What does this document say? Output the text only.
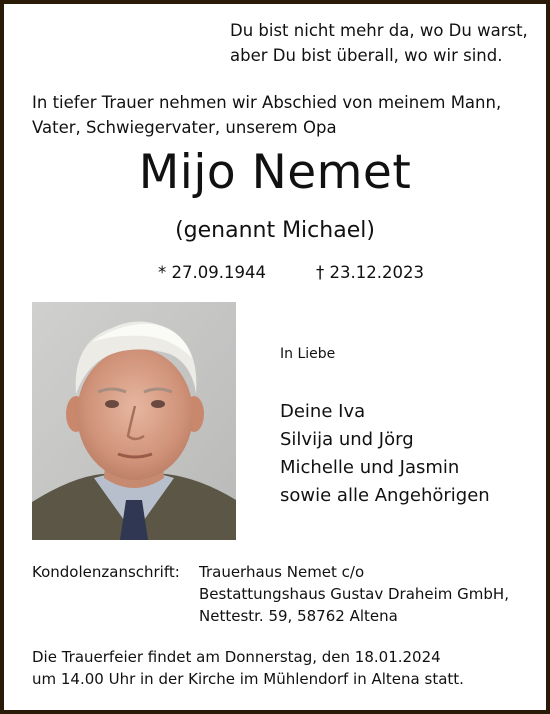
Du bist nicht mehr da, wo Du warst,
aber Du bist überall, wo wir sind.
In tiefer Trauer nehmen wir Abschied von meinem Mann,
Vater, Schwiegervater, unserem Opa
Mijo Nemet
(genannt Michael)
* 27.09.1944	† 23.12.2023
In Liebe
Deine Iva
Silvija und Jörg
Michelle und Jasmin
sowie alle Angehörigen
Kondolenzanschrift: Trauerhaus Nemet c/o
Bestattungshaus Gustav Draheim GmbH,
Nettestr. 59, 58762 Altena
Die Trauerfeier findet am Donnerstag, den 18.01.2024
um 14.00 Uhr in der Kirche im Mühlendorf in Altena statt.
